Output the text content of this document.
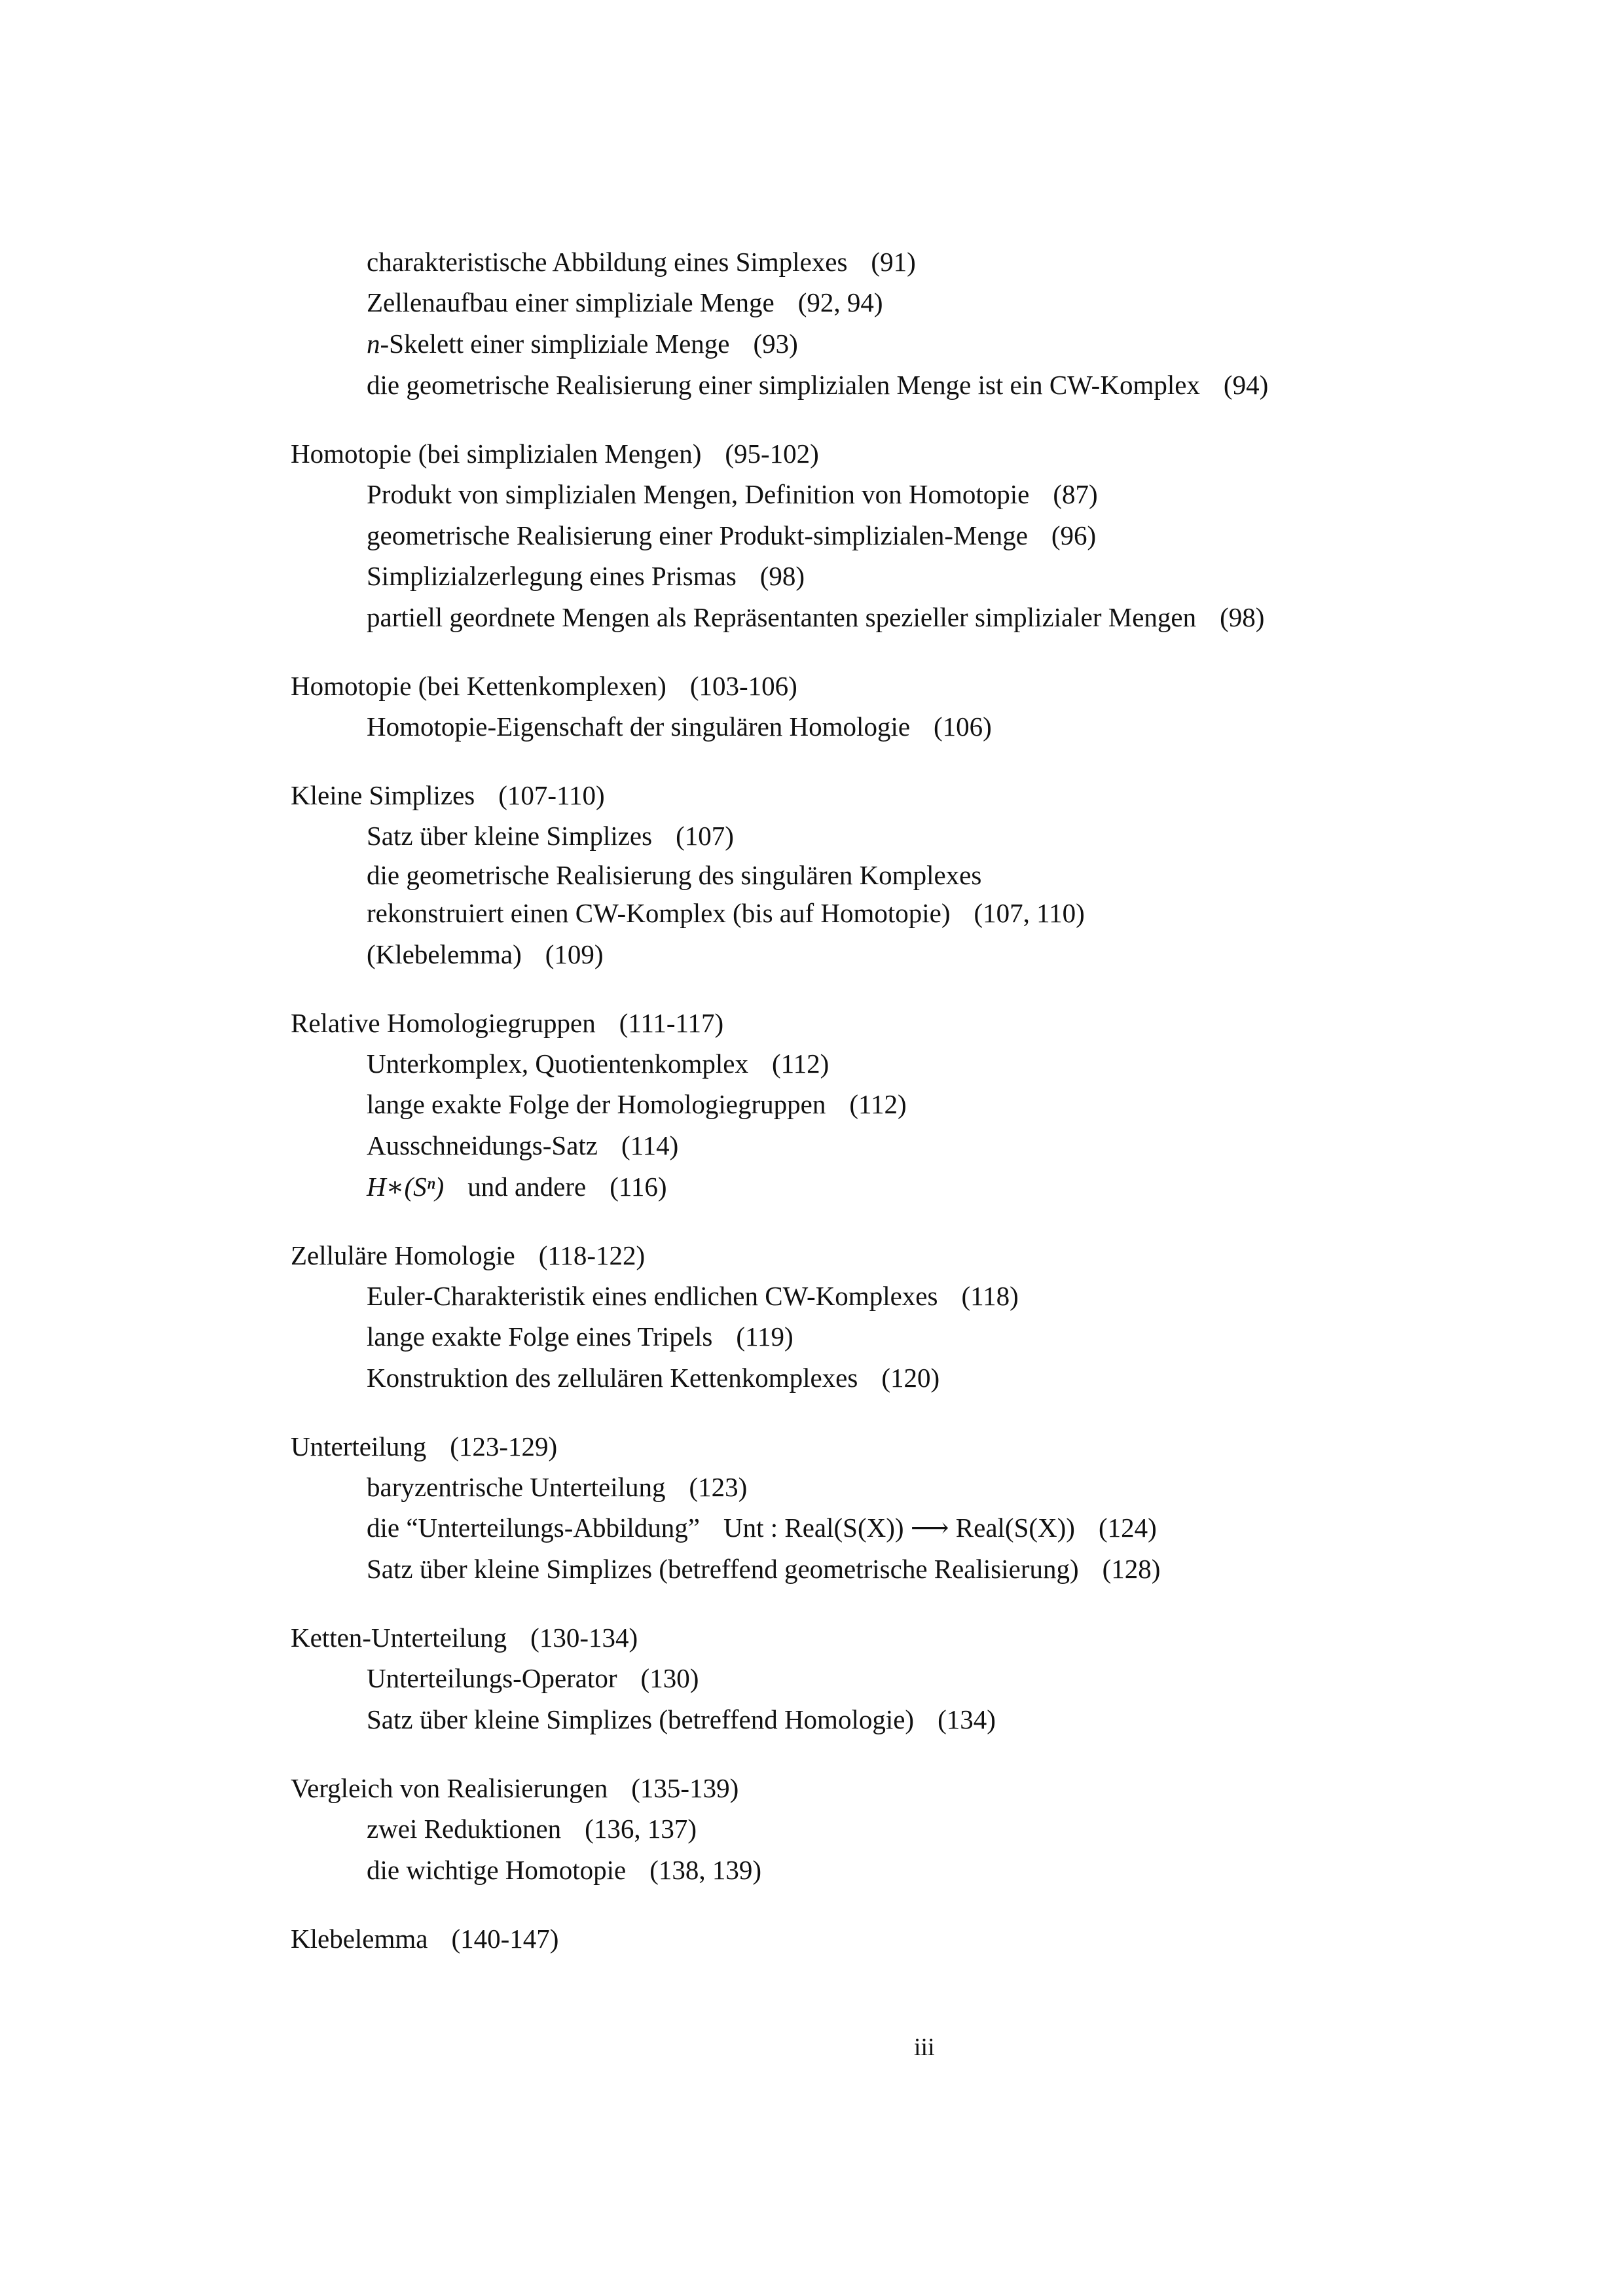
charakteristische Abbildung eines Simplexes (91)
Zellenaufbau einer simpliziale Menge (92, 94)
n-Skelett einer simpliziale Menge (93)
die geometrische Realisierung einer simplizialen Menge ist ein CW-Komplex (94)
Homotopie (bei simplizialen Mengen) (95-102)
Produkt von simplizialen Mengen, Definition von Homotopie (87)
geometrische Realisierung einer Produkt-simplizialen-Menge (96)
Simplizialzerlegung eines Prismas (98)
partiell geordnete Mengen als Repräsentanten spezieller simplizialer Mengen (98)
Homotopie (bei Kettenkomplexen) (103-106)
Homotopie-Eigenschaft der singulären Homologie (106)
Kleine Simplizes (107-110)
Satz über kleine Simplizes (107)
die geometrische Realisierung des singulären Komplexes
rekonstruiert einen CW-Komplex (bis auf Homotopie) (107, 110)
(Klebelemma) (109)
Relative Homologiegruppen (111-117)
Unterkomplex, Quotientenkomplex (112)
lange exakte Folge der Homologiegruppen (112)
Ausschneidungs-Satz (114)
H∗(Sⁿ) und andere (116)
Zelluläre Homologie (118-122)
Euler-Charakteristik eines endlichen CW-Komplexes (118)
lange exakte Folge eines Tripels (119)
Konstruktion des zellulären Kettenkomplexes (120)
Unterteilung (123-129)
baryzentrische Unterteilung (123)
die “Unterteilungs-Abbildung” Unt : Real(S(X)) ⟶ Real(S(X)) (124)
Satz über kleine Simplizes (betreffend geometrische Realisierung) (128)
Ketten-Unterteilung (130-134)
Unterteilungs-Operator (130)
Satz über kleine Simplizes (betreffend Homologie) (134)
Vergleich von Realisierungen (135-139)
zwei Reduktionen (136, 137)
die wichtige Homotopie (138, 139)
Klebelemma (140-147)
iii
